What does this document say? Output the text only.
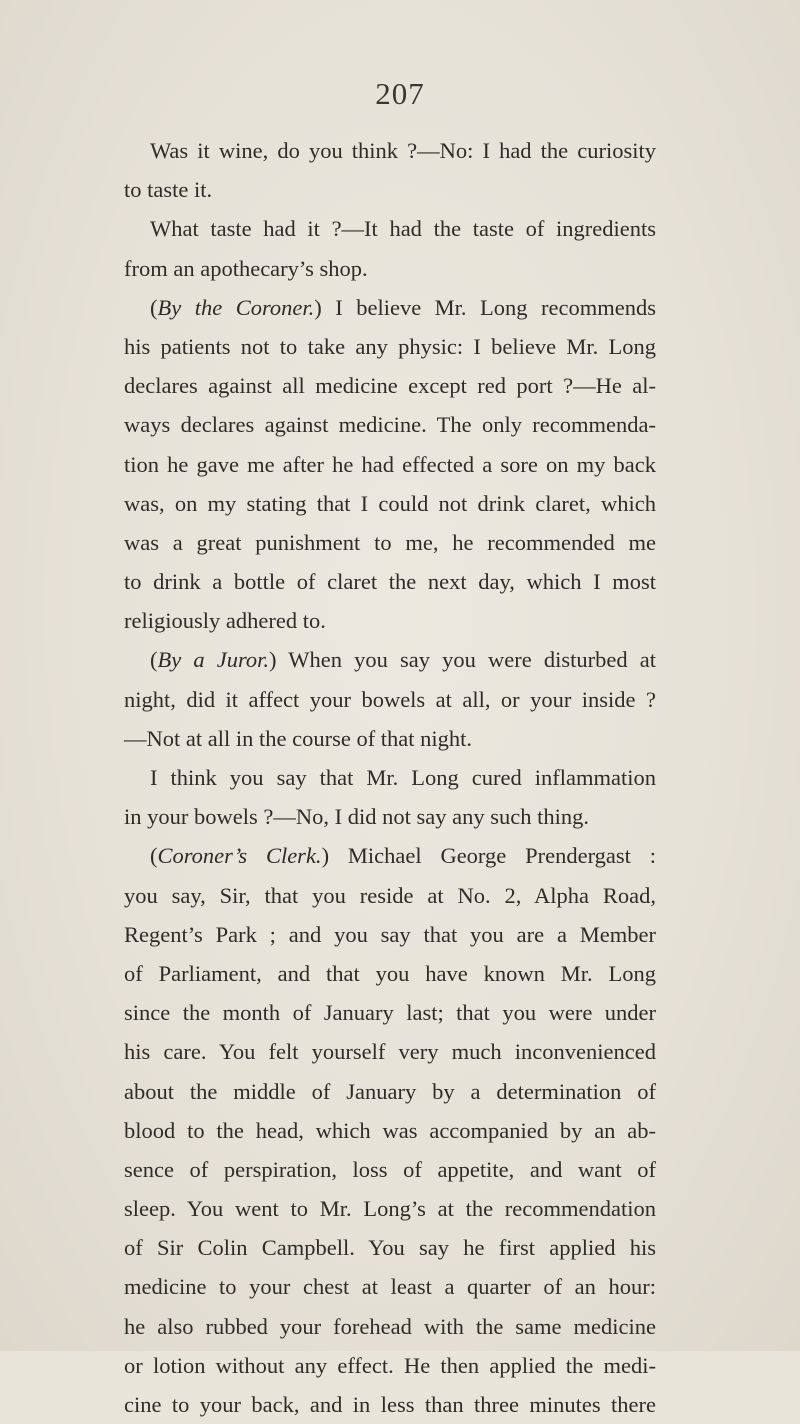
207
Was it wine, do you think ?—No: I had the curiosity
to taste it.
What taste had it ?—It had the taste of ingredients
from an apothecary’s shop.
(By the Coroner.) I believe Mr. Long recommends
his patients not to take any physic: I believe Mr. Long
declares against all medicine except red port ?—He al-
ways declares against medicine. The only recommenda-
tion he gave me after he had effected a sore on my back
was, on my stating that I could not drink claret, which
was a great punishment to me, he recommended me
to drink a bottle of claret the next day, which I most
religiously adhered to.
(By a Juror.) When you say you were disturbed at
night, did it affect your bowels at all, or your inside ?
—Not at all in the course of that night.
I think you say that Mr. Long cured inflammation
in your bowels ?—No, I did not say any such thing.
(Coroner’s Clerk.) Michael George Prendergast :
you say, Sir, that you reside at No. 2, Alpha Road,
Regent’s Park ; and you say that you are a Member
of Parliament, and that you have known Mr. Long
since the month of January last; that you were under
his care. You felt yourself very much inconvenienced
about the middle of January by a determination of
blood to the head, which was accompanied by an ab-
sence of perspiration, loss of appetite, and want of
sleep. You went to Mr. Long’s at the recommendation
of Sir Colin Campbell. You say he first applied his
medicine to your chest at least a quarter of an hour:
he also rubbed your forehead with the same medicine
or lotion without any effect. He then applied the medi-
cine to your back, and in less than three minutes there
